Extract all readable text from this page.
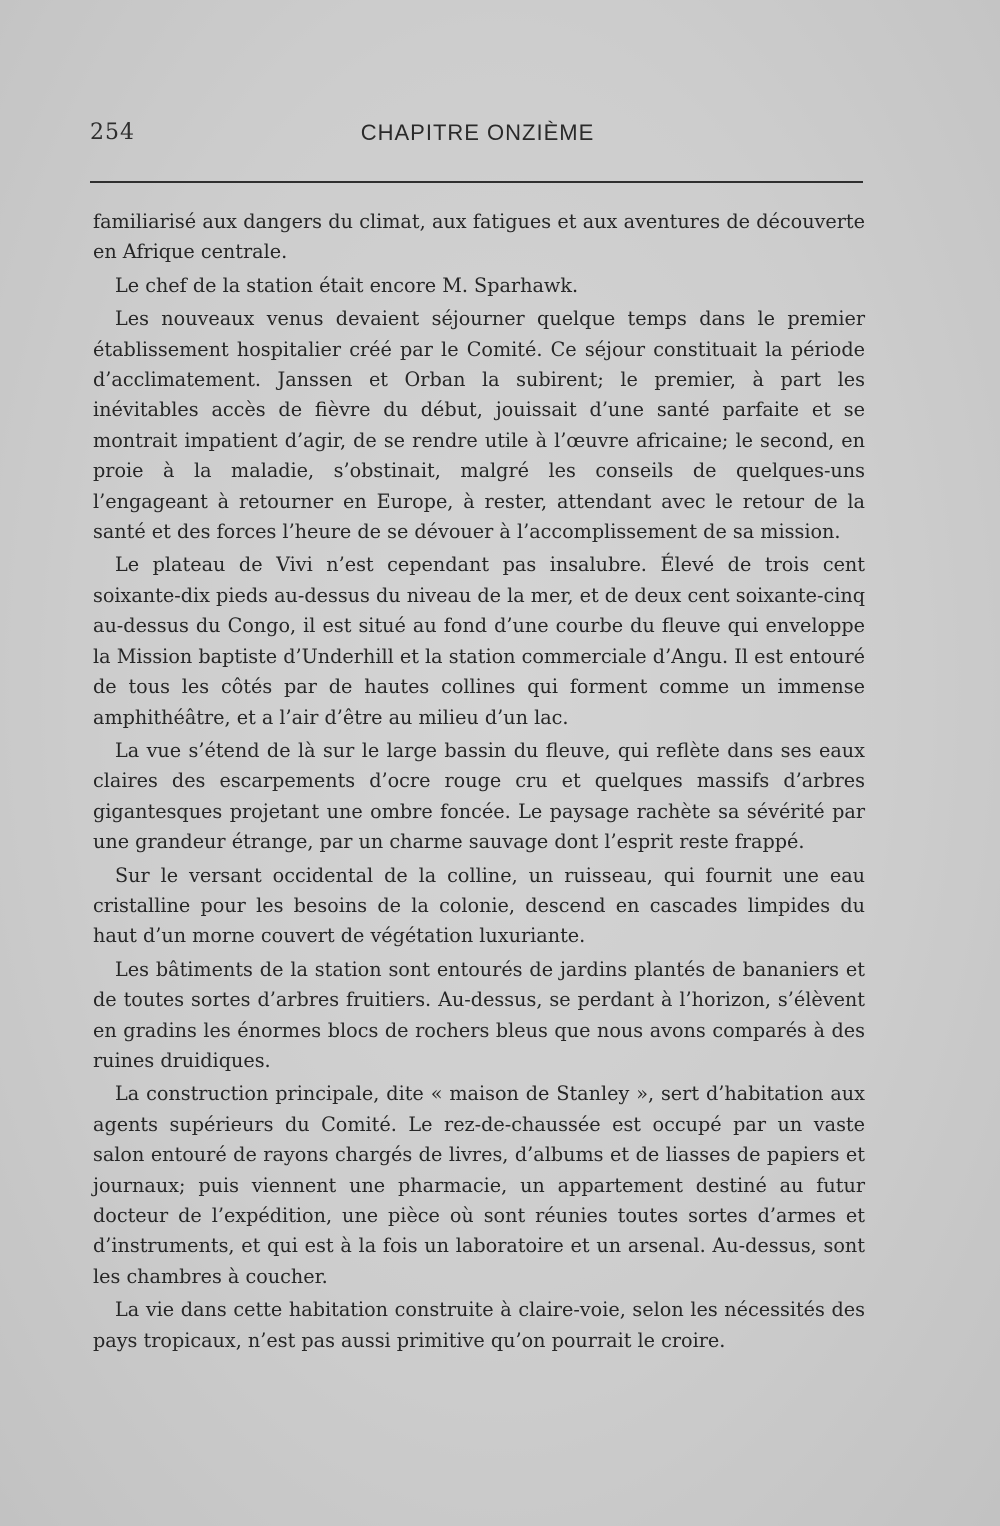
254	CHAPITRE ONZIÈME

familiarisé aux dangers du climat, aux fatigues et aux aventures de découverte en Afrique centrale.

Le chef de la station était encore M. Sparhawk.

Les nouveaux venus devaient séjourner quelque temps dans le premier établissement hospitalier créé par le Comité. Ce séjour constituait la période d’acclimatement. Janssen et Orban la subirent; le premier, à part les inévitables accès de fièvre du début, jouissait d’une santé parfaite et se montrait impatient d’agir, de se rendre utile à l’œuvre africaine; le second, en proie à la maladie, s’obstinait, malgré les conseils de quelques-uns l’engageant à retourner en Europe, à rester, attendant avec le retour de la santé et des forces l’heure de se dévouer à l’accomplissement de sa mission.

Le plateau de Vivi n’est cependant pas insalubre. Élevé de trois cent soixante-dix pieds au-dessus du niveau de la mer, et de deux cent soixante-cinq au-dessus du Congo, il est situé au fond d’une courbe du fleuve qui enveloppe la Mission baptiste d’Underhill et la station commerciale d’Angu. Il est entouré de tous les côtés par de hautes collines qui forment comme un immense amphithéâtre, et a l’air d’être au milieu d’un lac.

La vue s’étend de là sur le large bassin du fleuve, qui reflète dans ses eaux claires des escarpements d’ocre rouge cru et quelques massifs d’arbres gigantesques projetant une ombre foncée. Le paysage rachète sa sévérité par une grandeur étrange, par un charme sauvage dont l’esprit reste frappé.

Sur le versant occidental de la colline, un ruisseau, qui fournit une eau cristalline pour les besoins de la colonie, descend en cascades limpides du haut d’un morne couvert de végétation luxuriante.

Les bâtiments de la station sont entourés de jardins plantés de bananiers et de toutes sortes d’arbres fruitiers. Au-dessus, se perdant à l’horizon, s’élèvent en gradins les énormes blocs de rochers bleus que nous avons comparés à des ruines druidiques.

La construction principale, dite « maison de Stanley », sert d’habitation aux agents supérieurs du Comité. Le rez-de-chaussée est occupé par un vaste salon entouré de rayons chargés de livres, d’albums et de liasses de papiers et journaux; puis viennent une pharmacie, un appartement destiné au futur docteur de l’expédition, une pièce où sont réunies toutes sortes d’armes et d’instruments, et qui est à la fois un laboratoire et un arsenal. Au-dessus, sont les chambres à coucher.

La vie dans cette habitation construite à claire-voie, selon les nécessités des pays tropicaux, n’est pas aussi primitive qu’on pourrait le croire.
